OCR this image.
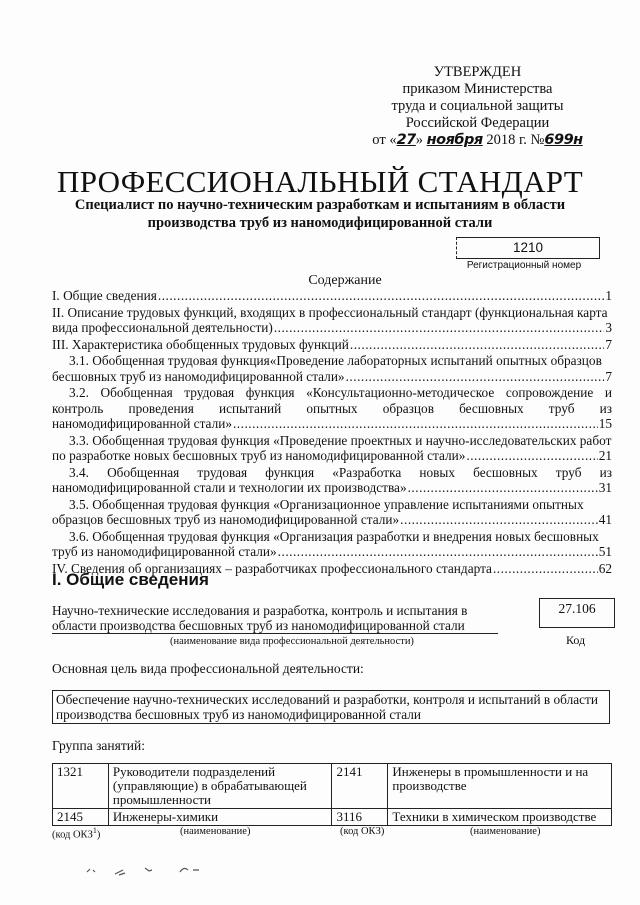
УТВЕРЖДЕН
приказом Министерства
труда и социальной защиты
Российской Федерации
от «27» ноября 2018 г. №699н
ПРОФЕССИОНАЛЬНЫЙ СТАНДАРТ
Специалист по научно-техническим разработкам и испытаниям в области производства труб из наномодифицированной стали
1210
Регистрационный номер
Содержание
I. Общие сведения .....	1
II. Описание трудовых функций, входящих в профессиональный стандарт (функциональная карта
вида профессиональной деятельности) .....	3
III. Характеристика обобщенных трудовых функций .....	7
3.1. Обобщенная трудовая функция«Проведение лабораторных испытаний опытных образцов
бесшовных труб из наномодифицированной стали» .....	7
3.2. Обобщенная трудовая функция «Консультационно-методическое сопровождение и
контроль проведения испытаний опытных образцов бесшовных труб из
наномодифицированной стали» .....	15
3.3. Обобщенная трудовая функция «Проведение проектных и научно-исследовательских работ
по разработке новых бесшовных труб из наномодифицированной стали» .....	21
3.4. Обобщенная трудовая функция «Разработка новых бесшовных труб из
наномодифицированной стали и технологии их производства» .....	31
3.5. Обобщенная трудовая функция «Организационное управление испытаниями опытных
образцов бесшовных труб из наномодифицированной стали» .....	41
3.6. Обобщенная трудовая функция «Организация разработки и внедрения новых бесшовных
труб из наномодифицированной стали» .....	51
IV. Сведения об организациях – разработчиках профессионального стандарта .....	62
I. Общие сведения
Научно-технические исследования и разработка, контроль и испытания в области производства бесшовных труб из наномодифицированной стали
(наименование вида профессиональной деятельности)
27.106
Код
Основная цель вида профессиональной деятельности:
Обеспечение научно-технических исследований и разработки, контроля и испытаний в области производства бесшовных труб из наномодифицированной стали
Группа занятий:
1321	Руководители подразделений (управляющие) в обрабатывающей промышленности	2141	Инженеры в промышленности и на производстве
2145	Инженеры-химики	3116	Техники в химическом производстве
(код ОКЗ$^1$)	(наименование)	(код ОКЗ)	(наименование)
